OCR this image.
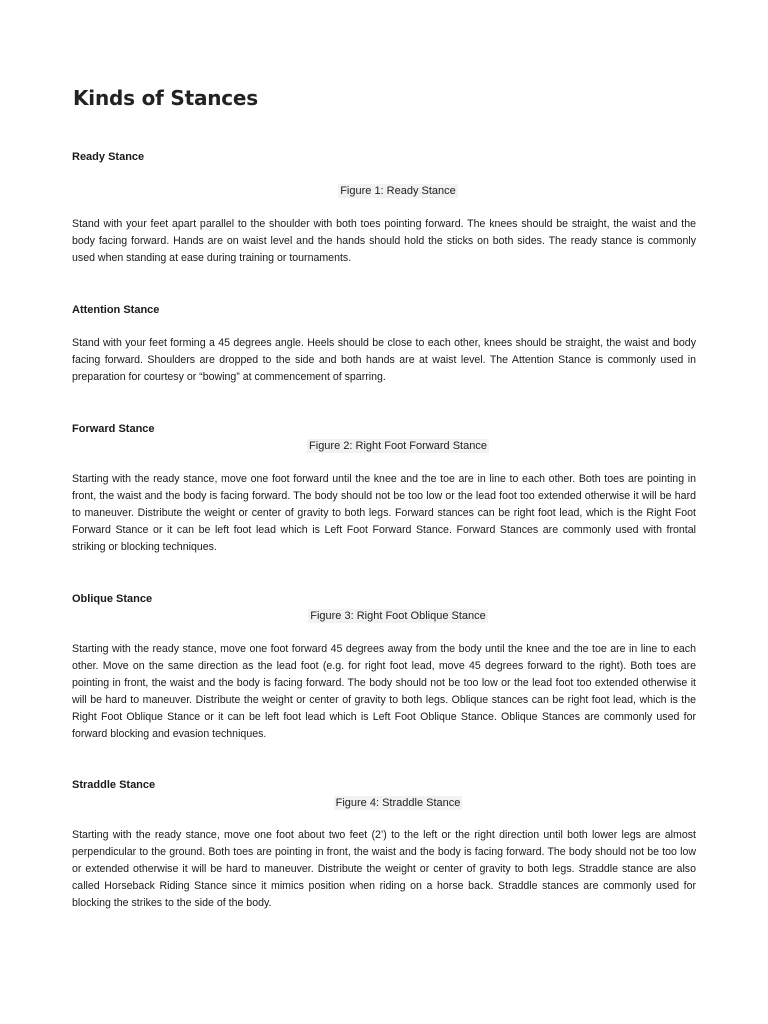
Kinds of Stances
Ready Stance

Figure 1: Ready Stance

Stand with your feet apart parallel to the shoulder with both toes pointing forward. The knees should be straight, the waist and the body facing forward. Hands are on waist level and the hands should hold the sticks on both sides. The ready stance is commonly used when standing at ease during training or tournaments.

Attention Stance

Stand with your feet forming a 45 degrees angle. Heels should be close to each other, knees should be straight, the waist and body facing forward. Shoulders are dropped to the side and both hands are at waist level. The Attention Stance is commonly used in preparation for courtesy or “bowing” at commencement of sparring.

Forward Stance

Figure 2: Right Foot Forward Stance

Starting with the ready stance, move one foot forward until the knee and the toe are in line to each other. Both toes are pointing in front, the waist and the body is facing forward. The body should not be too low or the lead foot too extended otherwise it will be hard to maneuver. Distribute the weight or center of gravity to both legs. Forward stances can be right foot lead, which is the Right Foot Forward Stance or it can be left foot lead which is Left Foot Forward Stance. Forward Stances are commonly used with frontal striking or blocking techniques.

Oblique Stance

Figure 3: Right Foot Oblique Stance

Starting with the ready stance, move one foot forward 45 degrees away from the body until the knee and the toe are in line to each other. Move on the same direction as the lead foot (e.g. for right foot lead, move 45 degrees forward to the right). Both toes are pointing in front, the waist and the body is facing forward. The body should not be too low or the lead foot too extended otherwise it will be hard to maneuver. Distribute the weight or center of gravity to both legs. Oblique stances can be right foot lead, which is the Right Foot Oblique Stance or it can be left foot lead which is Left Foot Oblique Stance. Oblique Stances are commonly used for forward blocking and evasion techniques.

Straddle Stance

Figure 4: Straddle Stance

Starting with the ready stance, move one foot about two feet (2’) to the left or the right direction until both lower legs are almost perpendicular to the ground. Both toes are pointing in front, the waist and the body is facing forward. The body should not be too low or extended otherwise it will be hard to maneuver. Distribute the weight or center of gravity to both legs. Straddle stance are also called Horseback Riding Stance since it mimics position when riding on a horse back. Straddle stances are commonly used for blocking the strikes to the side of the body.
